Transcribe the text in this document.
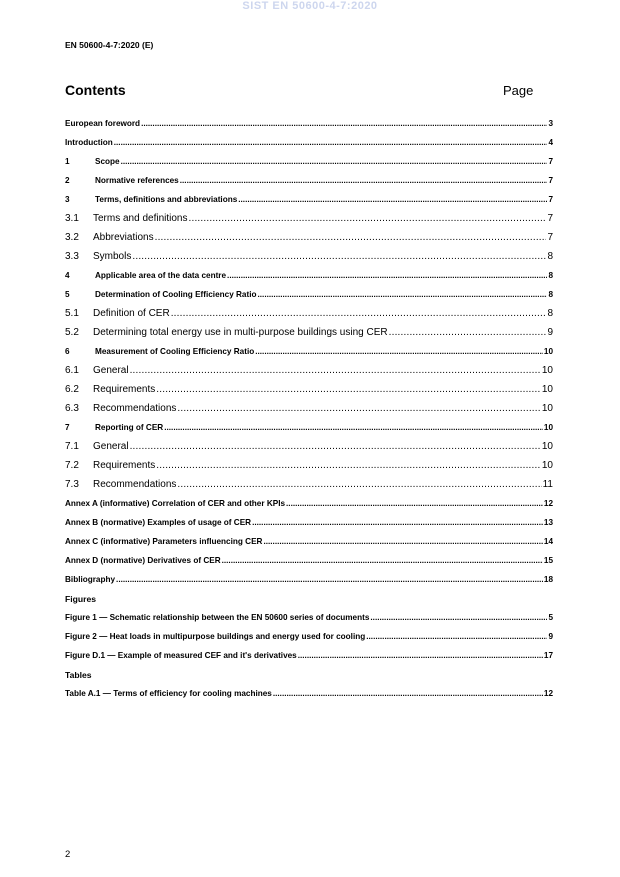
SIST EN 50600-4-7:2020
EN 50600-4-7:2020 (E)
Contents	Page
European foreword .....	3
Introduction .....	4
1	Scope .....	7
2	Normative references .....	7
3	Terms, definitions and abbreviations .....	7
3.1	Terms and definitions .....	7
3.2	Abbreviations .....	7
3.3	Symbols .....	8
4	Applicable area of the data centre .....	8
5	Determination of Cooling Efficiency Ratio .....	8
5.1	Definition of CER .....	8
5.2	Determining total energy use in multi-purpose buildings using CER .....	9
6	Measurement of Cooling Efficiency Ratio .....	10
6.1	General .....	10
6.2	Requirements .....	10
6.3	Recommendations .....	10
7	Reporting of CER .....	10
7.1	General .....	10
7.2	Requirements .....	10
7.3	Recommendations .....	11
Annex A (informative) Correlation of CER and other KPIs .....	12
Annex B (normative) Examples of usage of CER .....	13
Annex C (informative) Parameters influencing CER .....	14
Annex D (normative) Derivatives of CER .....	15
Bibliography .....	18
Figures
Figure 1 — Schematic relationship between the EN 50600 series of documents .....	5
Figure 2 — Heat loads in multipurpose buildings and energy used for cooling .....	9
Figure D.1 — Example of measured CEF and it's derivatives .....	17
Tables
Table A.1 — Terms of efficiency for cooling machines .....	12
2
